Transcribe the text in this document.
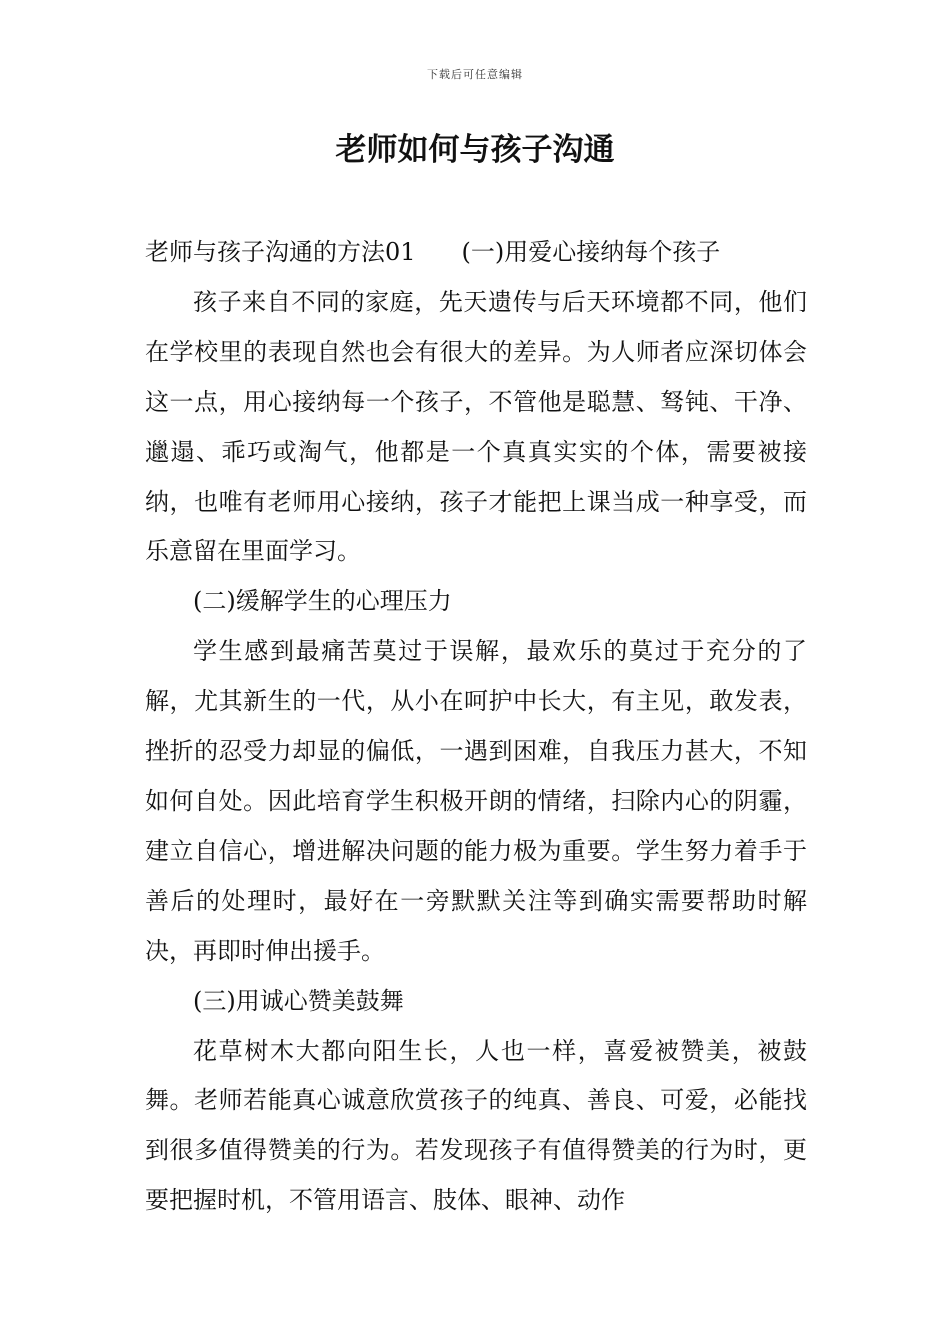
下载后可任意编辑
老师如何与孩子沟通

老师与孩子沟通的方法01 (一)用爱心接纳每个孩子

孩子来自不同的家庭，先天遗传与后天环境都不同，他们在学校里的表现自然也会有很大的差异。为人师者应深切体会这一点，用心接纳每一个孩子，不管他是聪慧、驽钝、干净、邋遢、乖巧或淘气，他都是一个真真实实的个体，需要被接纳，也唯有老师用心接纳，孩子才能把上课当成一种享受，而乐意留在里面学习。

(二)缓解学生的心理压力

学生感到最痛苦莫过于误解，最欢乐的莫过于充分的了解，尤其新生的一代，从小在呵护中长大，有主见，敢发表，挫折的忍受力却显的偏低，一遇到困难，自我压力甚大，不知如何自处。因此培育学生积极开朗的情绪，扫除内心的阴霾，建立自信心，增进解决问题的能力极为重要。学生努力着手于善后的处理时，最好在一旁默默关注等到确实需要帮助时解决，再即时伸出援手。

(三)用诚心赞美鼓舞

花草树木大都向阳生长，人也一样，喜爱被赞美，被鼓舞。老师若能真心诚意欣赏孩子的纯真、善良、可爱，必能找到很多值得赞美的行为。若发现孩子有值得赞美的行为时，更要把握时机，不管用语言、肢体、眼神、动作
